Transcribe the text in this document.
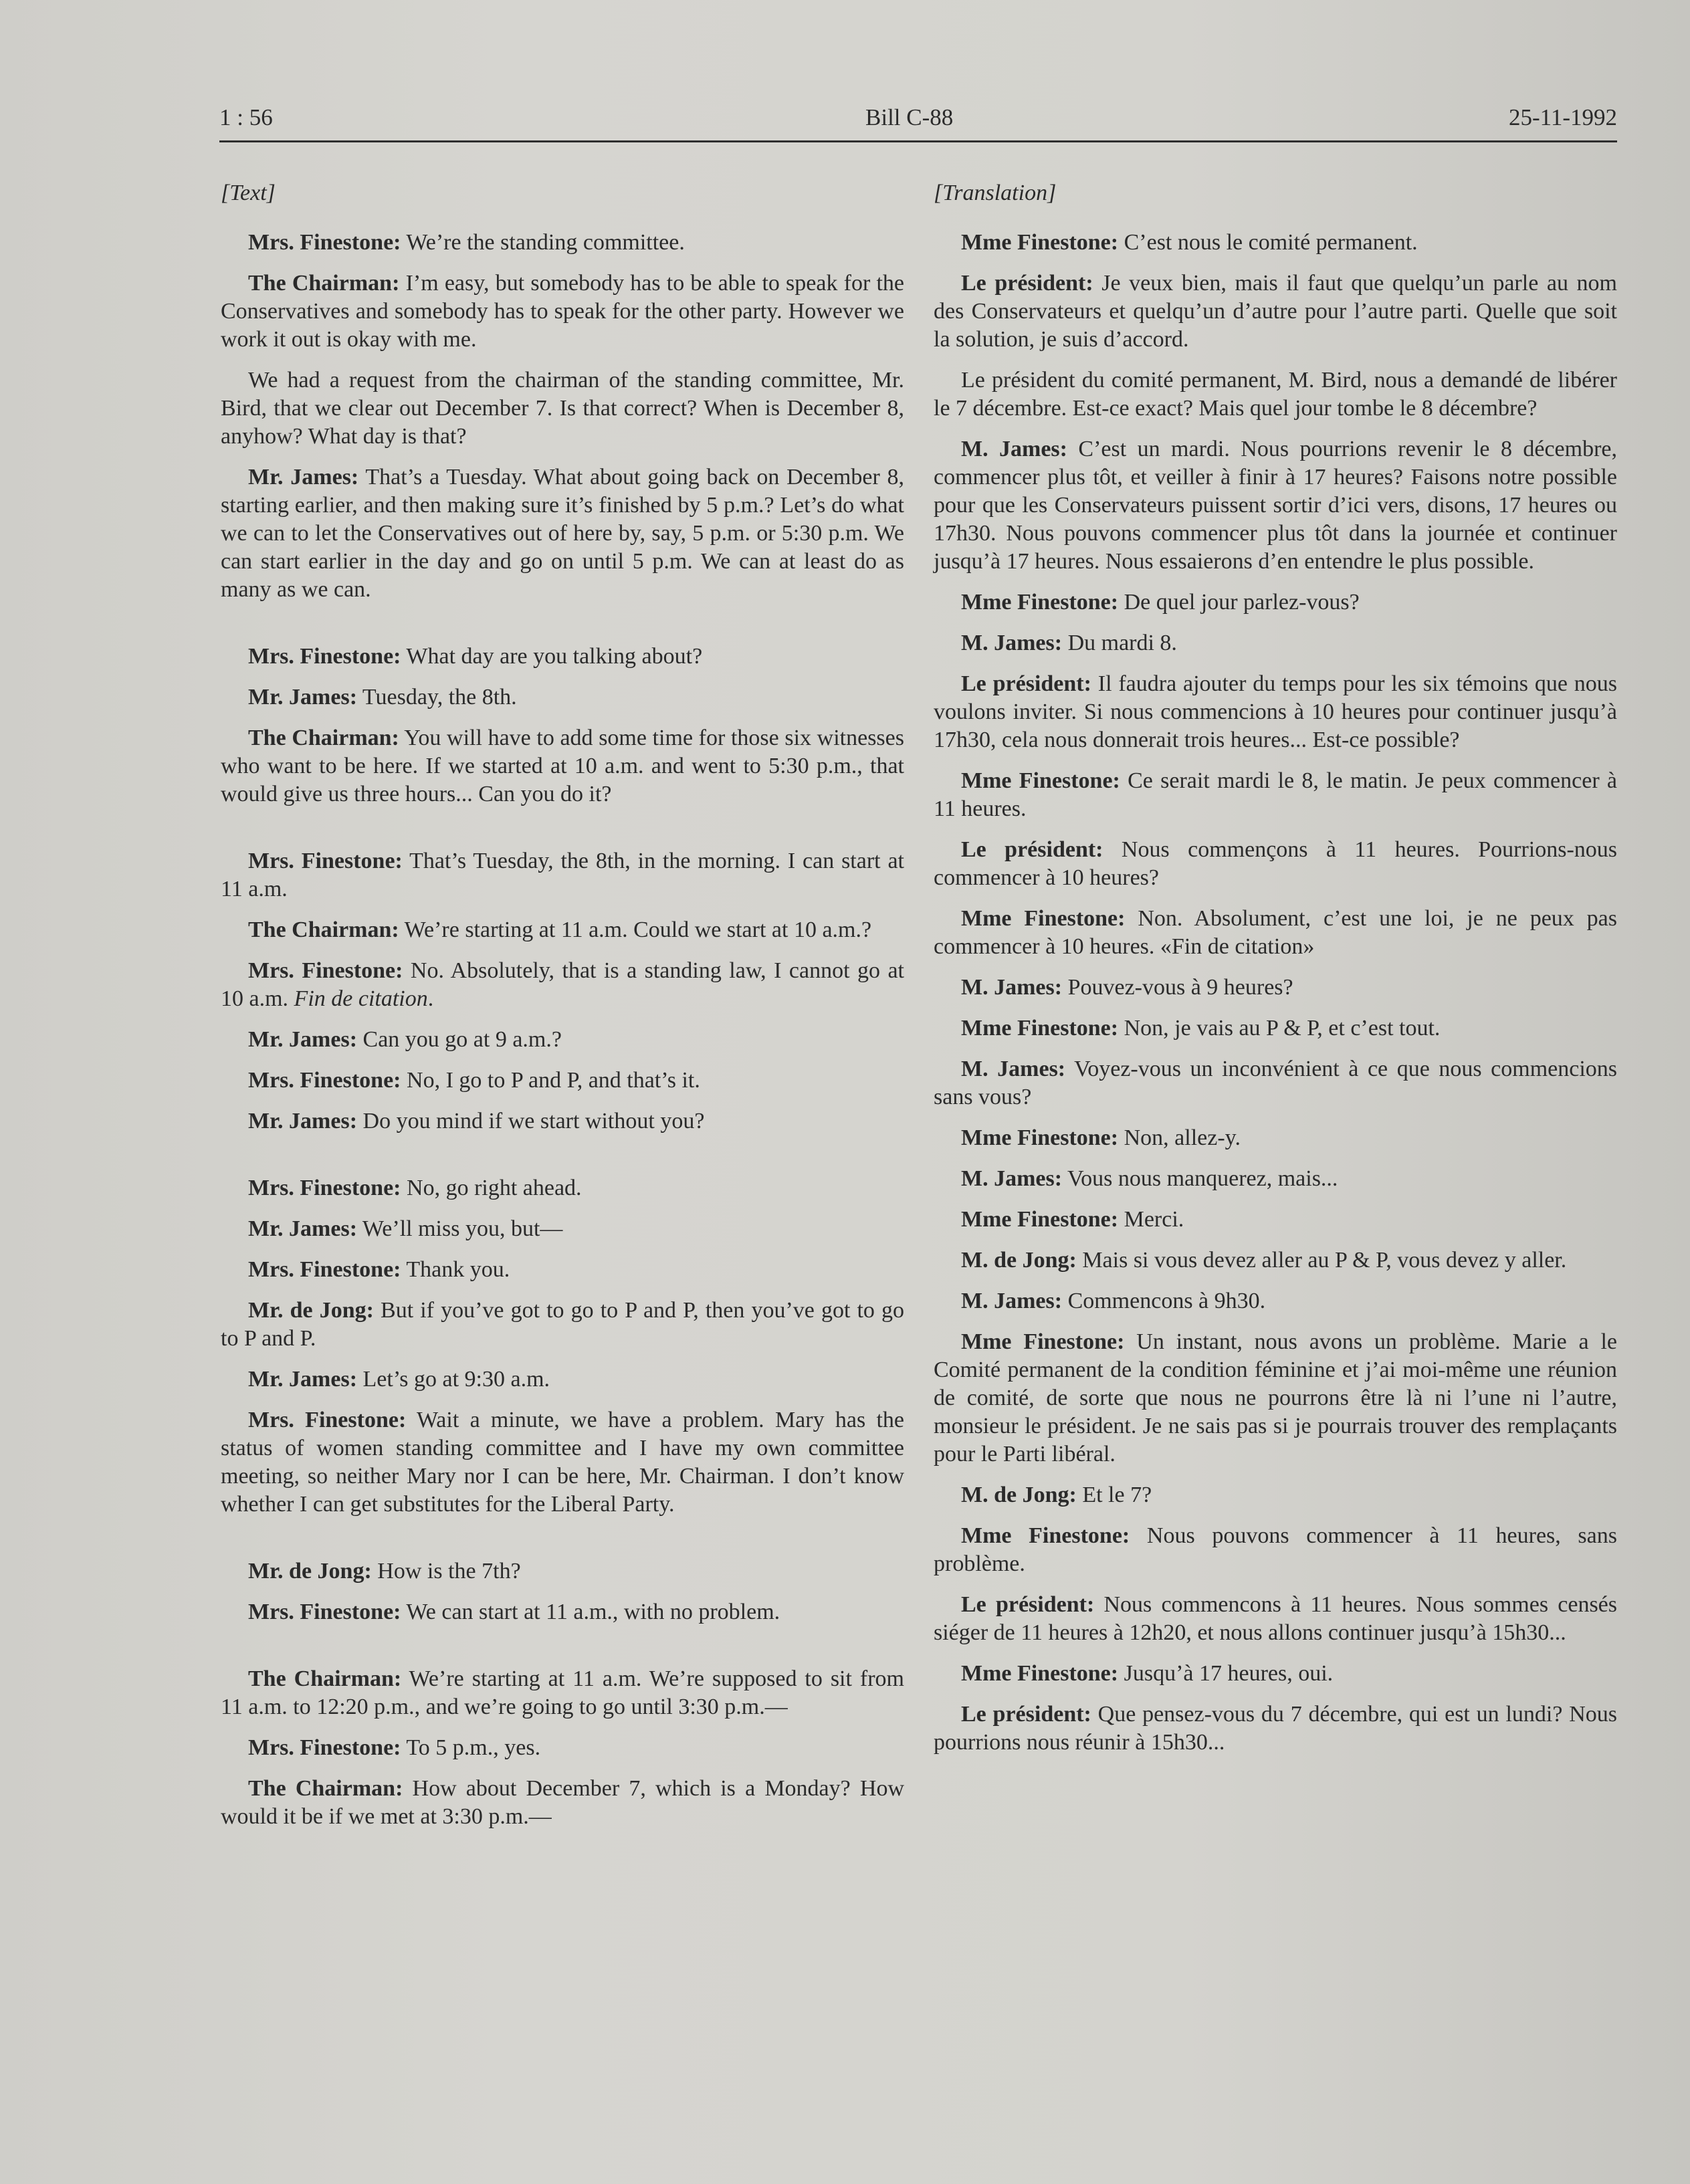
1 : 56	Bill C-88	25-11-1992
[Text]

Mrs. Finestone: We’re the standing committee.

The Chairman: I’m easy, but somebody has to be able to speak for the Conservatives and somebody has to speak for the other party. However we work it out is okay with me.

We had a request from the chairman of the standing committee, Mr. Bird, that we clear out December 7. Is that correct? When is December 8, anyhow? What day is that?

Mr. James: That’s a Tuesday. What about going back on December 8, starting earlier, and then making sure it’s finished by 5 p.m.? Let’s do what we can to let the Conservatives out of here by, say, 5 p.m. or 5:30 p.m. We can start earlier in the day and go on until 5 p.m. We can at least do as many as we can.

Mrs. Finestone: What day are you talking about?

Mr. James: Tuesday, the 8th.

The Chairman: You will have to add some time for those six witnesses who want to be here. If we started at 10 a.m. and went to 5:30 p.m., that would give us three hours... Can you do it?

Mrs. Finestone: That’s Tuesday, the 8th, in the morning. I can start at 11 a.m.

The Chairman: We’re starting at 11 a.m. Could we start at 10 a.m.?

Mrs. Finestone: No. Absolutely, that is a standing law, I cannot go at 10 a.m. Fin de citation.

Mr. James: Can you go at 9 a.m.?

Mrs. Finestone: No, I go to P and P, and that’s it.

Mr. James: Do you mind if we start without you?

Mrs. Finestone: No, go right ahead.

Mr. James: We’ll miss you, but—

Mrs. Finestone: Thank you.

Mr. de Jong: But if you’ve got to go to P and P, then you’ve got to go to P and P.

Mr. James: Let’s go at 9:30 a.m.

Mrs. Finestone: Wait a minute, we have a problem. Mary has the status of women standing committee and I have my own committee meeting, so neither Mary nor I can be here, Mr. Chairman. I don’t know whether I can get substitutes for the Liberal Party.

Mr. de Jong: How is the 7th?

Mrs. Finestone: We can start at 11 a.m., with no problem.

The Chairman: We’re starting at 11 a.m. We’re supposed to sit from 11 a.m. to 12:20 p.m., and we’re going to go until 3:30 p.m.—

Mrs. Finestone: To 5 p.m., yes.

The Chairman: How about December 7, which is a Monday? How would it be if we met at 3:30 p.m.—

[Translation]

Mme Finestone: C’est nous le comité permanent.

Le président: Je veux bien, mais il faut que quelqu’un parle au nom des Conservateurs et quelqu’un d’autre pour l’autre parti. Quelle que soit la solution, je suis d’accord.

Le président du comité permanent, M. Bird, nous a demandé de libérer le 7 décembre. Est-ce exact? Mais quel jour tombe le 8 décembre?

M. James: C’est un mardi. Nous pourrions revenir le 8 décembre, commencer plus tôt, et veiller à finir à 17 heures? Faisons notre possible pour que les Conservateurs puissent sortir d’ici vers, disons, 17 heures ou 17h30. Nous pouvons commencer plus tôt dans la journée et continuer jusqu’à 17 heures. Nous essaierons d’en entendre le plus possible.

Mme Finestone: De quel jour parlez-vous?

M. James: Du mardi 8.

Le président: Il faudra ajouter du temps pour les six témoins que nous voulons inviter. Si nous commencions à 10 heures pour continuer jusqu’à 17h30, cela nous donnerait trois heures... Est-ce possible?

Mme Finestone: Ce serait mardi le 8, le matin. Je peux commencer à 11 heures.

Le président: Nous commençons à 11 heures. Pourrions-nous commencer à 10 heures?

Mme Finestone: Non. Absolument, c’est une loi, je ne peux pas commencer à 10 heures. «Fin de citation»

M. James: Pouvez-vous à 9 heures?

Mme Finestone: Non, je vais au P & P, et c’est tout.

M. James: Voyez-vous un inconvénient à ce que nous commencions sans vous?

Mme Finestone: Non, allez-y.

M. James: Vous nous manquerez, mais...

Mme Finestone: Merci.

M. de Jong: Mais si vous devez aller au P & P, vous devez y aller.

M. James: Commencons à 9h30.

Mme Finestone: Un instant, nous avons un problème. Marie a le Comité permanent de la condition féminine et j’ai moi-même une réunion de comité, de sorte que nous ne pourrons être là ni l’une ni l’autre, monsieur le président. Je ne sais pas si je pourrais trouver des remplaçants pour le Parti libéral.

M. de Jong: Et le 7?

Mme Finestone: Nous pouvons commencer à 11 heures, sans problème.

Le président: Nous commencons à 11 heures. Nous sommes censés siéger de 11 heures à 12h20, et nous allons continuer jusqu’à 15h30...

Mme Finestone: Jusqu’à 17 heures, oui.

Le président: Que pensez-vous du 7 décembre, qui est un lundi? Nous pourrions nous réunir à 15h30...
